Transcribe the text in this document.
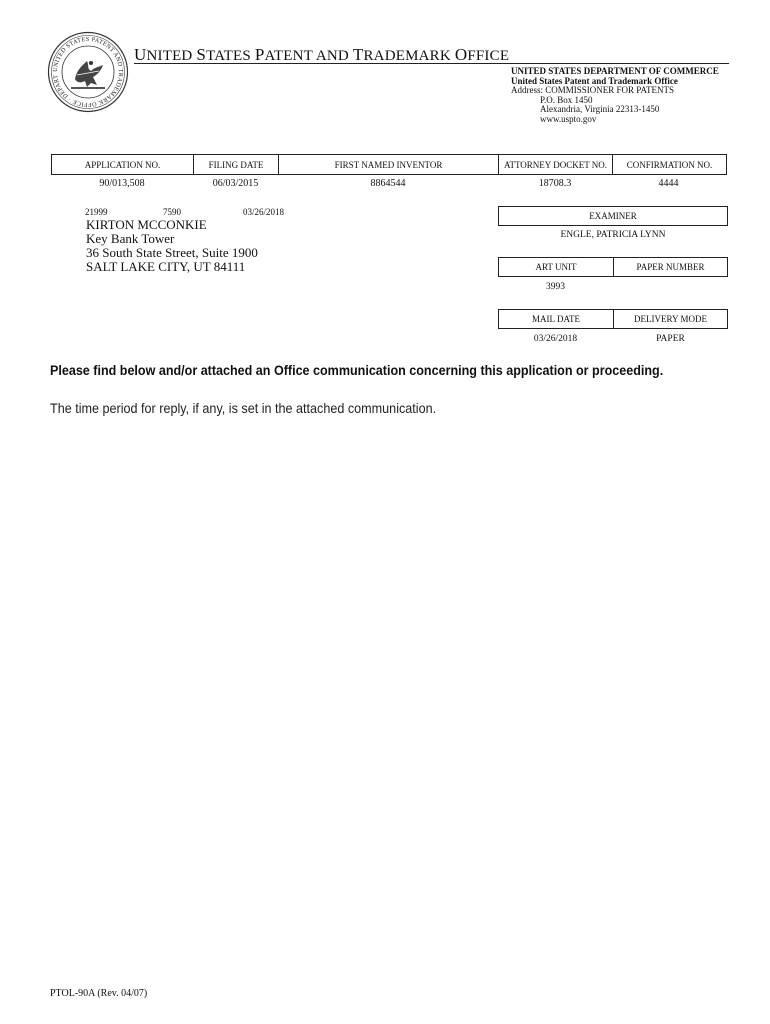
UNITED STATES PATENT AND TRADEMARK OFFICE · DEPART
UNITED STATES PATENT AND TRADEMARK OFFICE
UNITED STATES DEPARTMENT OF COMMERCE
United States Patent and Trademark Office
Address: COMMISSIONER FOR PATENTS
P.O. Box 1450
Alexandria, Virginia 22313-1450
www.uspto.gov
APPLICATION NO.	FILING DATE	FIRST NAMED INVENTOR	ATTORNEY DOCKET NO.	CONFIRMATION NO.
90/013,508	06/03/2015	8864544	18708.3	4444
21999	7590	03/26/2018
KIRTON MCCONKIE
Key Bank Tower
36 South State Street, Suite 1900
SALT LAKE CITY, UT 84111
EXAMINER
ENGLE, PATRICIA LYNN
ART UNIT	PAPER NUMBER
3993
MAIL DATE	DELIVERY MODE
03/26/2018	PAPER
Please find below and/or attached an Office communication concerning this application or proceeding.
The time period for reply, if any, is set in the attached communication.
PTOL-90A (Rev. 04/07)
